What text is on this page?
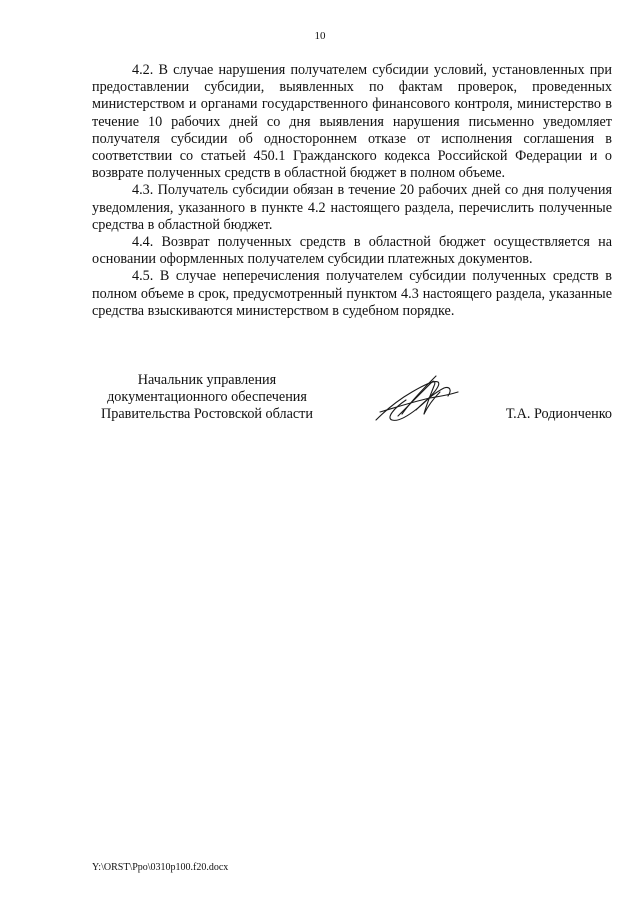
10

4.2. В случае нарушения получателем субсидии условий, установленных при предоставлении субсидии, выявленных по фактам проверок, проведенных министерством и органами государственного финансового контроля, министерство в течение 10 рабочих дней со дня выявления нарушения письменно уведомляет получателя субсидии об одностороннем отказе от исполнения соглашения в соответствии со статьей 450.1 Гражданского кодекса Российской Федерации и о возврате полученных средств в областной бюджет в полном объеме.

4.3. Получатель субсидии обязан в течение 20 рабочих дней со дня получения уведомления, указанного в пункте 4.2 настоящего раздела, перечислить полученные средства в областной бюджет.

4.4. Возврат полученных средств в областной бюджет осуществляется на основании оформленных получателем субсидии платежных документов.

4.5. В случае неперечисления получателем субсидии полученных средств в полном объеме в срок, предусмотренный пунктом 4.3 настоящего раздела, указанные средства взыскиваются министерством в судебном порядке.

Начальник управления
документационного обеспечения
Правительства Ростовской области	Т.А. Родионченко
Y:\ORST\Ppo\0310p100.f20.docx
